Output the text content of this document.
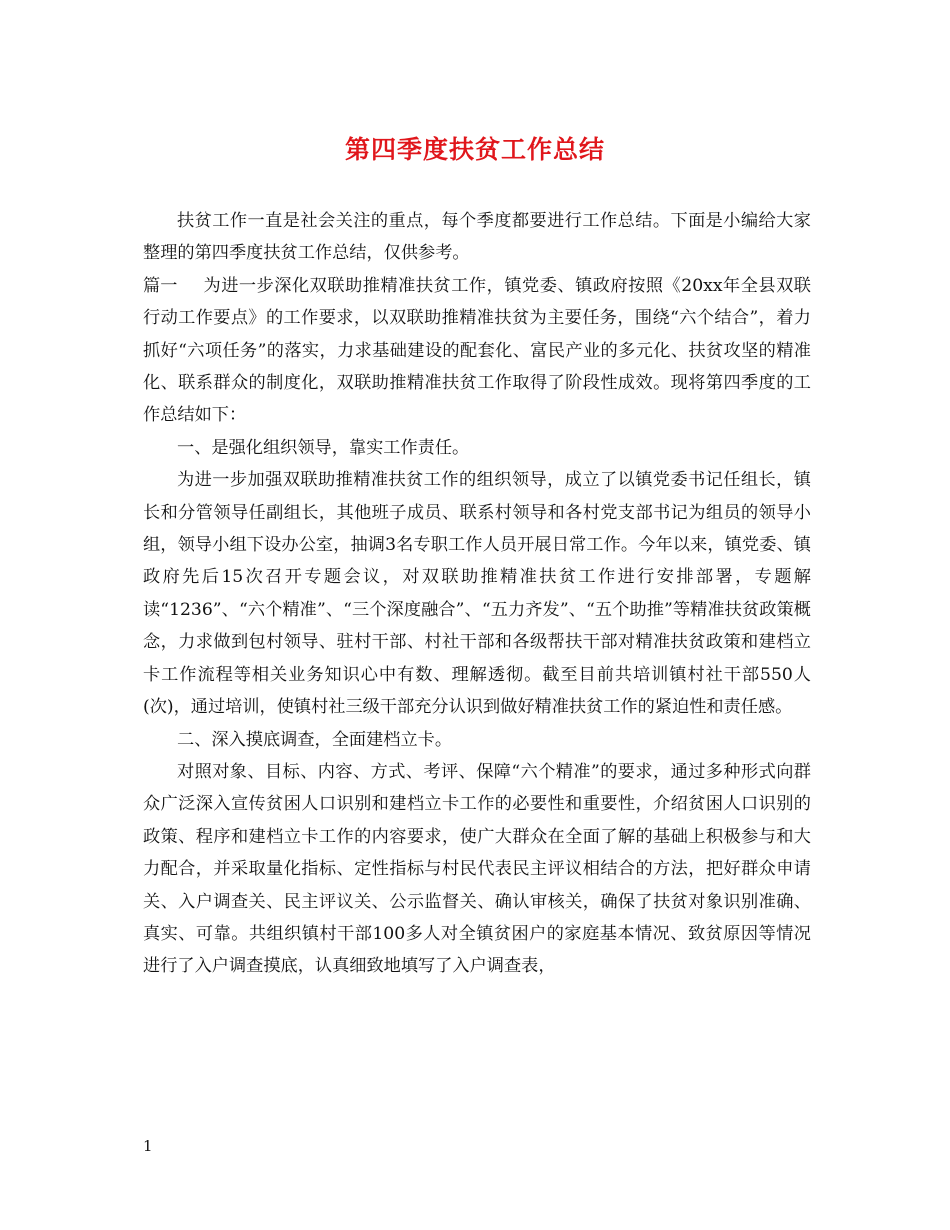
第四季度扶贫工作总结

扶贫工作一直是社会关注的重点，每个季度都要进行工作总结。下面是小编给大家整理的第四季度扶贫工作总结，仅供参考。

篇一 为进一步深化双联助推精准扶贫工作，镇党委、镇政府按照《20xx年全县双联行动工作要点》的工作要求，以双联助推精准扶贫为主要任务，围绕“六个结合”，着力抓好“六项任务”的落实，力求基础建设的配套化、富民产业的多元化、扶贫攻坚的精准化、联系群众的制度化，双联助推精准扶贫工作取得了阶段性成效。现将第四季度的工作总结如下：

一、是强化组织领导，靠实工作责任。

为进一步加强双联助推精准扶贫工作的组织领导，成立了以镇党委书记任组长，镇长和分管领导任副组长，其他班子成员、联系村领导和各村党支部书记为组员的领导小组，领导小组下设办公室，抽调3名专职工作人员开展日常工作。今年以来，镇党委、镇政府先后15次召开专题会议，对双联助推精准扶贫工作进行安排部署，专题解读“1236”、“六个精准”、“三个深度融合”、“五力齐发”、“五个助推”等精准扶贫政策概念，力求做到包村领导、驻村干部、村社干部和各级帮扶干部对精准扶贫政策和建档立卡工作流程等相关业务知识心中有数、理解透彻。截至目前共培训镇村社干部550人(次)，通过培训，使镇村社三级干部充分认识到做好精准扶贫工作的紧迫性和责任感。

二、深入摸底调查，全面建档立卡。

对照对象、目标、内容、方式、考评、保障“六个精准”的要求，通过多种形式向群众广泛深入宣传贫困人口识别和建档立卡工作的必要性和重要性，介绍贫困人口识别的政策、程序和建档立卡工作的内容要求，使广大群众在全面了解的基础上积极参与和大力配合，并采取量化指标、定性指标与村民代表民主评议相结合的方法，把好群众申请关、入户调查关、民主评议关、公示监督关、确认审核关，确保了扶贫对象识别准确、真实、可靠。共组织镇村干部100多人对全镇贫困户的家庭基本情况、致贫原因等情况进行了入户调查摸底，认真细致地填写了入户调查表，

1
